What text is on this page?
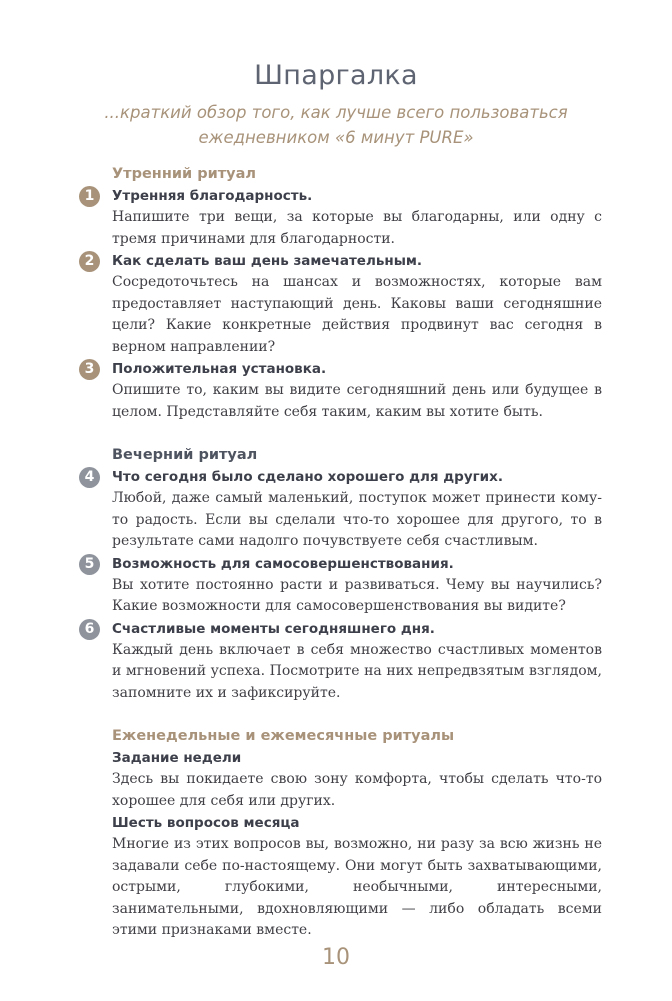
Шпаргалка
...краткий обзор того, как лучше всего пользоваться
ежедневником «6 минут PURE»
Утренний ритуал
1	Утренняя благодарность.
Напишите три вещи, за которые вы благодарны, или одну с тремя причинами для благодарности.
2	Как сделать ваш день замечательным.
Сосредоточьтесь на шансах и возможностях, которые вам предоставляет наступающий день. Каковы ваши сегодняшние цели? Какие конкретные действия продвинут вас сегодня в верном направлении?
3	Положительная установка.
Опишите то, каким вы видите сегодняшний день или будущее в целом. Представляйте себя таким, каким вы хотите быть.
Вечерний ритуал
4	Что сегодня было сделано хорошего для других.
Любой, даже самый маленький, поступок может принести кому-то радость. Если вы сделали что-то хорошее для другого, то в результате сами надолго почувствуете себя счастливым.
5	Возможность для самосовершенствования.
Вы хотите постоянно расти и развиваться. Чему вы научились? Какие возможности для самосовершенствования вы видите?
6	Счастливые моменты сегодняшнего дня.
Каждый день включает в себя множество счастливых моментов и мгновений успеха. Посмотрите на них непредвзятым взглядом, запомните их и зафиксируйте.
Еженедельные и ежемесячные ритуалы
Задание недели
Здесь вы покидаете свою зону комфорта, чтобы сделать что-то хорошее для себя или других.
Шесть вопросов месяца
Многие из этих вопросов вы, возможно, ни разу за всю жизнь не задавали себе по-настоящему. Они могут быть захватывающими, острыми, глубокими, необычными, интересными, занимательными, вдохновляющими — либо обладать всеми этими признаками вместе.
10
